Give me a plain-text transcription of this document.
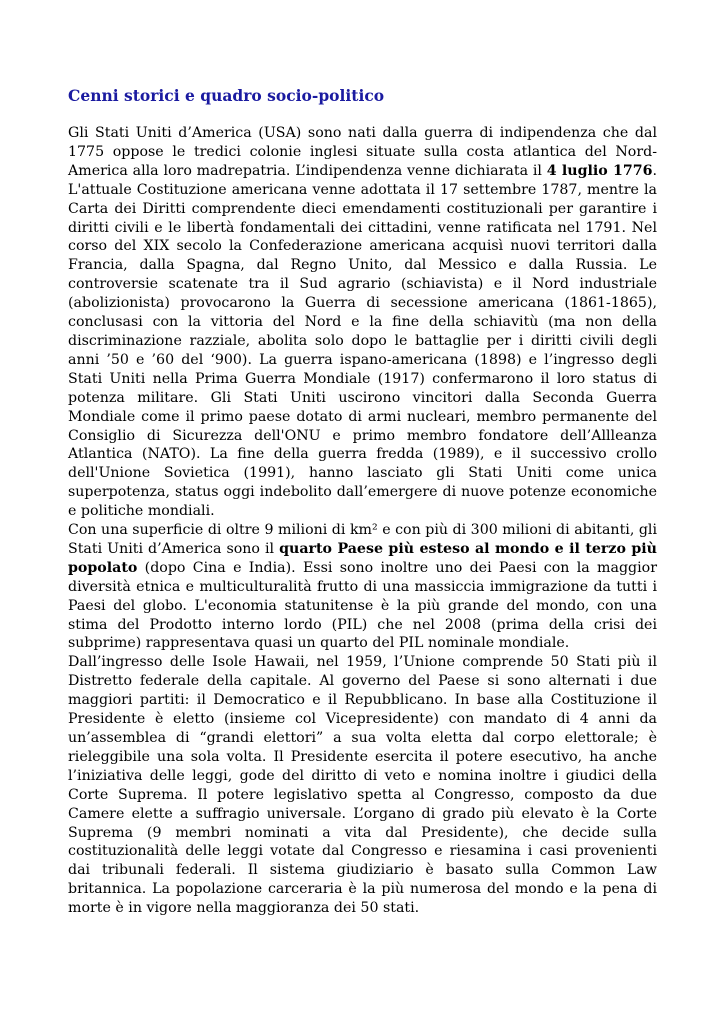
Cenni storici e quadro socio-politico

Gli Stati Uniti d’America (USA) sono nati dalla guerra di indipendenza che dal 1775 oppose le tredici colonie inglesi situate sulla costa atlantica del Nord-America alla loro madrepatria. L’indipendenza venne dichiarata il 4 luglio 1776. L'attuale Costituzione americana venne adottata il 17 settembre 1787, mentre la Carta dei Diritti comprendente dieci emendamenti costituzionali per garantire i diritti civili e le libertà fondamentali dei cittadini, venne ratificata nel 1791. Nel corso del XIX secolo la Confederazione americana acquisì nuovi territori dalla Francia, dalla Spagna, dal Regno Unito, dal Messico e dalla Russia. Le controversie scatenate tra il Sud agrario (schiavista) e il Nord industriale (abolizionista) provocarono la Guerra di secessione americana (1861-1865), conclusasi con la vittoria del Nord e la fine della schiavitù (ma non della discriminazione razziale, abolita solo dopo le battaglie per i diritti civili degli anni ’50 e ’60 del ‘900). La guerra ispano-americana (1898) e l’ingresso degli Stati Uniti nella Prima Guerra Mondiale (1917) confermarono il loro status di potenza militare. Gli Stati Uniti uscirono vincitori dalla Seconda Guerra Mondiale come il primo paese dotato di armi nucleari, membro permanente del Consiglio di Sicurezza dell'ONU e primo membro fondatore dell’Allleanza Atlantica (NATO). La fine della guerra fredda (1989), e il successivo crollo dell'Unione Sovietica (1991), hanno lasciato gli Stati Uniti come unica superpotenza, status oggi indebolito dall’emergere di nuove potenze economiche e politiche mondiali.

Con una superficie di oltre 9 milioni di km² e con più di 300 milioni di abitanti, gli Stati Uniti d’America sono il quarto Paese più esteso al mondo e il terzo più popolato (dopo Cina e India). Essi sono inoltre uno dei Paesi con la maggior diversità etnica e multiculturalità frutto di una massiccia immigrazione da tutti i Paesi del globo. L'economia statunitense è la più grande del mondo, con una stima del Prodotto interno lordo (PIL) che nel 2008 (prima della crisi dei subprime) rappresentava quasi un quarto del PIL nominale mondiale.

Dall’ingresso delle Isole Hawaii, nel 1959, l’Unione comprende 50 Stati più il Distretto federale della capitale. Al governo del Paese si sono alternati i due maggiori partiti: il Democratico e il Repubblicano. In base alla Costituzione il Presidente è eletto (insieme col Vicepresidente) con mandato di 4 anni da un’assemblea di “grandi elettori” a sua volta eletta dal corpo elettorale; è rieleggibile una sola volta. Il Presidente esercita il potere esecutivo, ha anche l’iniziativa delle leggi, gode del diritto di veto e nomina inoltre i giudici della Corte Suprema. Il potere legislativo spetta al Congresso, composto da due Camere elette a suffragio universale. L’organo di grado più elevato è la Corte Suprema (9 membri nominati a vita dal Presidente), che decide sulla costituzionalità delle leggi votate dal Congresso e riesamina i casi provenienti dai tribunali federali. Il sistema giudiziario è basato sulla Common Law britannica. La popolazione carceraria è la più numerosa del mondo e la pena di morte è in vigore nella maggioranza dei 50 stati.
